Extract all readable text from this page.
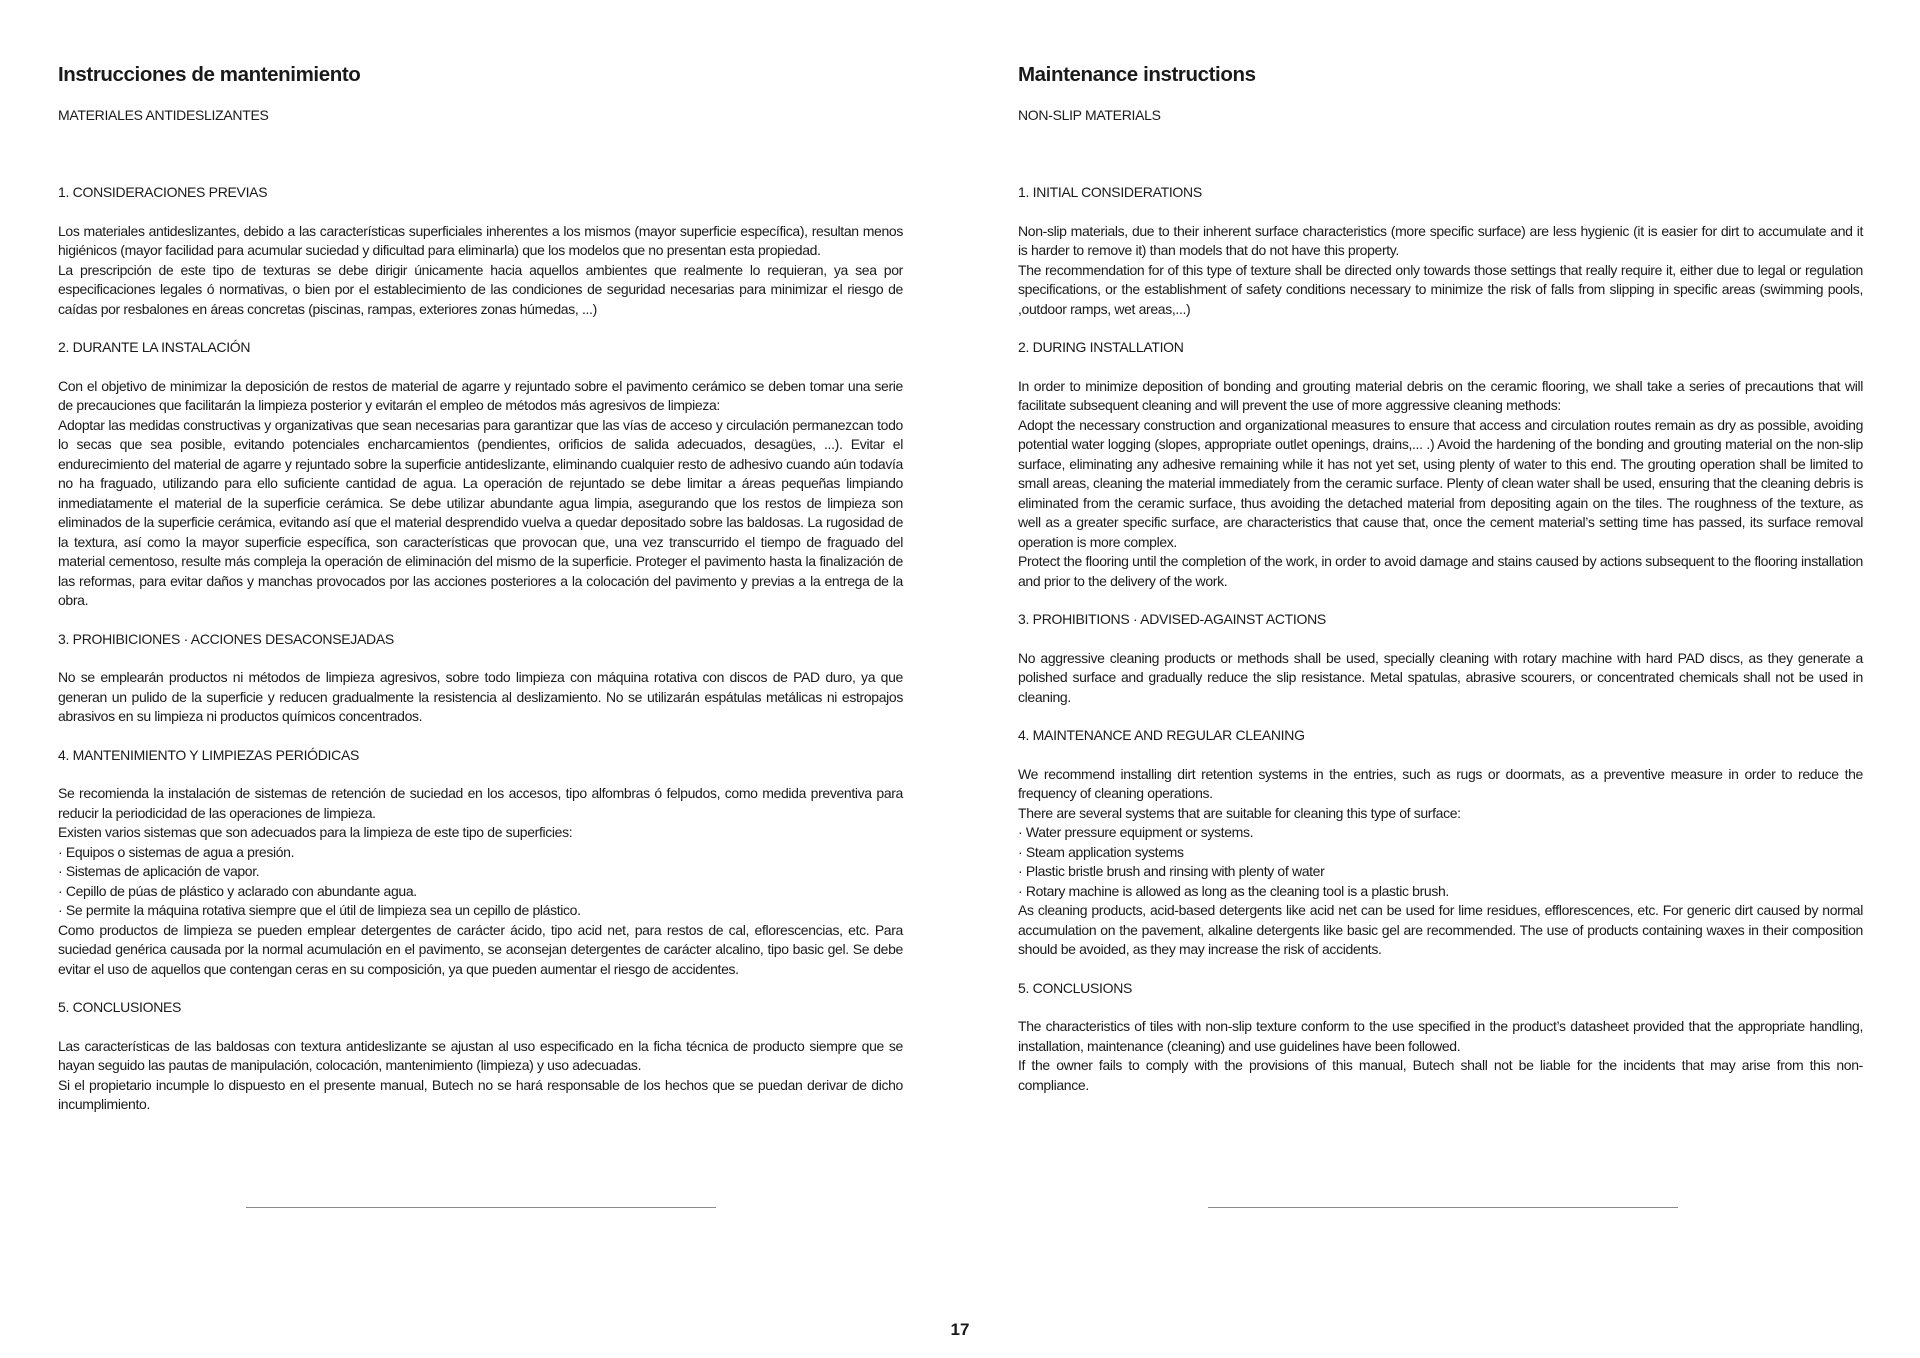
Instrucciones de mantenimiento
MATERIALES ANTIDESLIZANTES
1. CONSIDERACIONES PREVIAS

Los materiales antideslizantes, debido a las características superficiales inherentes a los mismos (mayor superficie específica), resultan menos higiénicos (mayor facilidad para acumular suciedad y dificultad para eliminarla) que los modelos que no presentan esta propiedad.

La prescripción de este tipo de texturas se debe dirigir únicamente hacia aquellos ambientes que realmente lo requieran, ya sea por especificaciones legales ó normativas, o bien por el establecimiento de las condiciones de seguridad necesarias para minimizar el riesgo de caídas por resbalones en áreas concretas (piscinas, rampas, exteriores zonas húmedas, ...)

2. DURANTE LA INSTALACIÓN

Con el objetivo de minimizar la deposición de restos de material de agarre y rejuntado sobre el pavimento cerámico se deben tomar una serie de precauciones que facilitarán la limpieza posterior y evitarán el empleo de métodos más agresivos de limpieza:

Adoptar las medidas constructivas y organizativas que sean necesarias para garantizar que las vías de acceso y circulación permanezcan todo lo secas que sea posible, evitando potenciales encharcamientos (pendientes, orificios de salida adecuados, desagües, ...). Evitar el endurecimiento del material de agarre y rejuntado sobre la superficie antideslizante, eliminando cualquier resto de adhesivo cuando aún todavía no ha fraguado, utilizando para ello suficiente cantidad de agua. La operación de rejuntado se debe limitar a áreas pequeñas limpiando inmediatamente el material de la superficie cerámica. Se debe utilizar abundante agua limpia, asegurando que los restos de limpieza son eliminados de la superficie cerámica, evitando así que el material desprendido vuelva a quedar depositado sobre las baldosas. La rugosidad de la textura, así como la mayor superficie específica, son características que provocan que, una vez transcurrido el tiempo de fraguado del material cementoso, resulte más compleja la operación de eliminación del mismo de la superficie. Proteger el pavimento hasta la finalización de las reformas, para evitar daños y manchas provocados por las acciones posteriores a la colocación del pavimento y previas a la entrega de la obra.

3. PROHIBICIONES · ACCIONES DESACONSEJADAS

No se emplearán productos ni métodos de limpieza agresivos, sobre todo limpieza con máquina rotativa con discos de PAD duro, ya que generan un pulido de la superficie y reducen gradualmente la resistencia al deslizamiento. No se utilizarán espátulas metálicas ni estropajos abrasivos en su limpieza ni productos químicos concentrados.

4. MANTENIMIENTO Y LIMPIEZAS PERIÓDICAS

Se recomienda la instalación de sistemas de retención de suciedad en los accesos, tipo alfombras ó felpudos, como medida preventiva para reducir la periodicidad de las operaciones de limpieza.

Existen varios sistemas que son adecuados para la limpieza de este tipo de superficies:

· Equipos o sistemas de agua a presión.

· Sistemas de aplicación de vapor.

· Cepillo de púas de plástico y aclarado con abundante agua.

· Se permite la máquina rotativa siempre que el útil de limpieza sea un cepillo de plástico.

Como productos de limpieza se pueden emplear detergentes de carácter ácido, tipo acid net, para restos de cal, eflorescencias, etc. Para suciedad genérica causada por la normal acumulación en el pavimento, se aconsejan detergentes de carácter alcalino, tipo basic gel. Se debe evitar el uso de aquellos que contengan ceras en su composición, ya que pueden aumentar el riesgo de accidentes.

5. CONCLUSIONES

Las características de las baldosas con textura antideslizante se ajustan al uso especificado en la ficha técnica de producto siempre que se hayan seguido las pautas de manipulación, colocación, mantenimiento (limpieza) y uso adecuadas.

Si el propietario incumple lo dispuesto en el presente manual, Butech no se hará responsable de los hechos que se puedan derivar de dicho incumplimiento.

Maintenance instructions
NON-SLIP MATERIALS
1. INITIAL CONSIDERATIONS

Non-slip materials, due to their inherent surface characteristics (more specific surface) are less hygienic (it is easier for dirt to accumulate and it is harder to remove it) than models that do not have this property.

The recommendation for of this type of texture shall be directed only towards those settings that really require it, either due to legal or regulation specifications, or the establishment of safety conditions necessary to minimize the risk of falls from slipping in specific areas (swimming pools, ,outdoor ramps, wet areas,...)

2. DURING INSTALLATION

In order to minimize deposition of bonding and grouting material debris on the ceramic flooring, we shall take a series of precautions that will facilitate subsequent cleaning and will prevent the use of more aggressive cleaning methods:

Adopt the necessary construction and organizational measures to ensure that access and circulation routes remain as dry as possible, avoiding potential water logging (slopes, appropriate outlet openings, drains,... .) Avoid the hardening of the bonding and grouting material on the non-slip surface, eliminating any adhesive remaining while it has not yet set, using plenty of water to this end. The grouting operation shall be limited to small areas, cleaning the material immediately from the ceramic surface. Plenty of clean water shall be used, ensuring that the cleaning debris is eliminated from the ceramic surface, thus avoiding the detached material from depositing again on the tiles. The roughness of the texture, as well as a greater specific surface, are characteristics that cause that, once the cement material’s setting time has passed, its surface removal operation is more complex.

Protect the flooring until the completion of the work, in order to avoid damage and stains caused by actions subsequent to the flooring installation and prior to the delivery of the work.

3. PROHIBITIONS · ADVISED-AGAINST ACTIONS

No aggressive cleaning products or methods shall be used, specially cleaning with rotary machine with hard PAD discs, as they generate a polished surface and gradually reduce the slip resistance. Metal spatulas, abrasive scourers, or concentrated chemicals shall not be used in cleaning.

4. MAINTENANCE AND REGULAR CLEANING

We recommend installing dirt retention systems in the entries, such as rugs or doormats, as a preventive measure in order to reduce the frequency of cleaning operations.

There are several systems that are suitable for cleaning this type of surface:

· Water pressure equipment or systems.

· Steam application systems

· Plastic bristle brush and rinsing with plenty of water

· Rotary machine is allowed as long as the cleaning tool is a plastic brush.

As cleaning products, acid-based detergents like acid net can be used for lime residues, efflorescences, etc. For generic dirt caused by normal accumulation on the pavement, alkaline detergents like basic gel are recommended. The use of products containing waxes in their composition should be avoided, as they may increase the risk of accidents.

5. CONCLUSIONS

The characteristics of tiles with non-slip texture conform to the use specified in the product’s datasheet provided that the appropriate handling, installation, maintenance (cleaning) and use guidelines have been followed.

If the owner fails to comply with the provisions of this manual, Butech shall not be liable for the incidents that may arise from this non-compliance.

17
